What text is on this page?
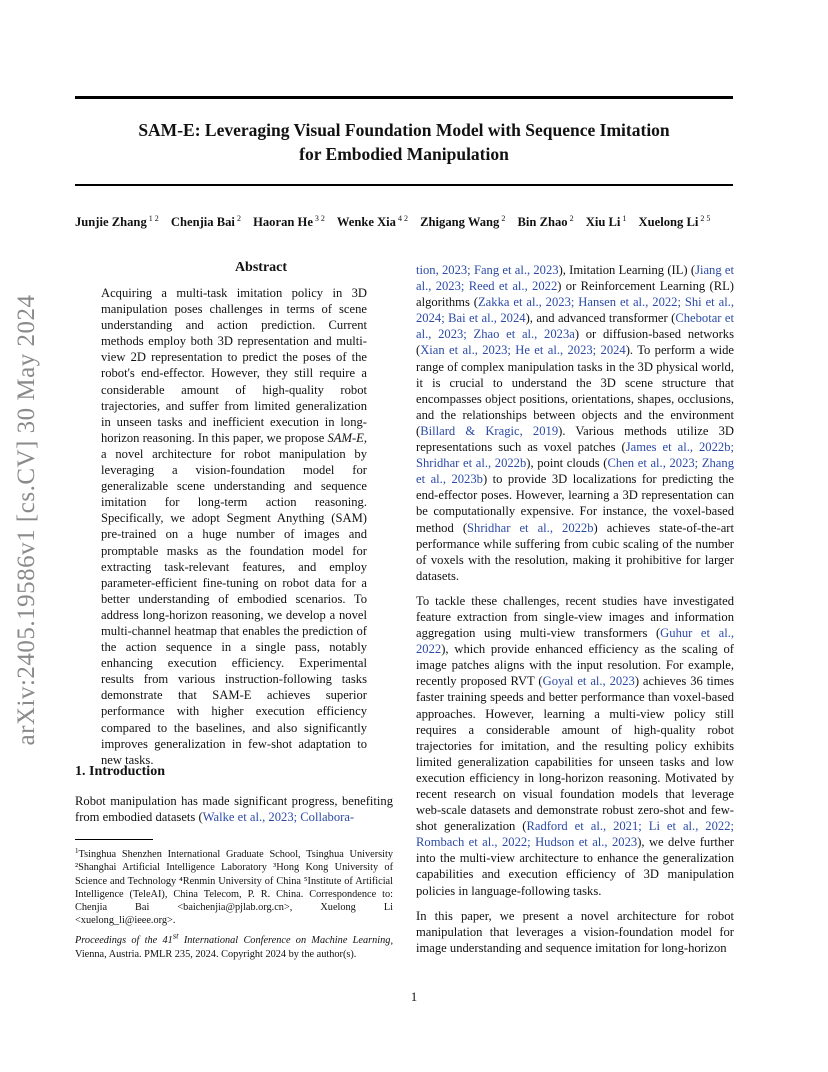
SAM-E: Leveraging Visual Foundation Model with Sequence Imitation
for Embodied Manipulation
Junjie Zhang $^{1 2}$ Chenjia Bai $^2$ Haoran He $^{3 2}$ Wenke Xia $^{4 2}$ Zhigang Wang $^2$ Bin Zhao $^2$ Xiu Li $^1$ Xuelong Li $^{2 5}$
arXiv:2405.19586v1 [cs.CV] 30 May 2024
Abstract

Acquiring a multi-task imitation policy in 3D manipulation poses challenges in terms of scene understanding and action prediction. Current methods employ both 3D representation and multi-view 2D representation to predict the poses of the robot's end-effector. However, they still require a considerable amount of high-quality robot trajectories, and suffer from limited generalization in unseen tasks and inefficient execution in long-horizon reasoning. In this paper, we propose SAM-E, a novel architecture for robot manipulation by leveraging a vision-foundation model for generalizable scene understanding and sequence imitation for long-term action reasoning. Specifically, we adopt Segment Anything (SAM) pre-trained on a huge number of images and promptable masks as the foundation model for extracting task-relevant features, and employ parameter-efficient fine-tuning on robot data for a better understanding of embodied scenarios. To address long-horizon reasoning, we develop a novel multi-channel heatmap that enables the prediction of the action sequence in a single pass, notably enhancing execution efficiency. Experimental results from various instruction-following tasks demonstrate that SAM-E achieves superior performance with higher execution efficiency compared to the baselines, and also significantly improves generalization in few-shot adaptation to new tasks.

1. Introduction

Robot manipulation has made significant progress, benefiting from embodied datasets (Walke et al., 2023; Collabora-

$^1$Tsinghua Shenzhen International Graduate School, Tsinghua University ²Shanghai Artificial Intelligence Laboratory ³Hong Kong University of Science and Technology ⁴Renmin University of China ⁵Institute of Artificial Intelligence (TeleAI), China Telecom, P. R. China. Correspondence to: Chenjia Bai <baichenjia@pjlab.org.cn>, Xuelong Li <xuelong_li@ieee.org>.
Proceedings of the 41st International Conference on Machine Learning, Vienna, Austria. PMLR 235, 2024. Copyright 2024 by the author(s).

tion, 2023; Fang et al., 2023), Imitation Learning (IL) (Jiang et al., 2023; Reed et al., 2022) or Reinforcement Learning (RL) algorithms (Zakka et al., 2023; Hansen et al., 2022; Shi et al., 2024; Bai et al., 2024), and advanced transformer (Chebotar et al., 2023; Zhao et al., 2023a) or diffusion-based networks (Xian et al., 2023; He et al., 2023; 2024). To perform a wide range of complex manipulation tasks in the 3D physical world, it is crucial to understand the 3D scene structure that encompasses object positions, orientations, shapes, occlusions, and the relationships between objects and the environment (Billard & Kragic, 2019). Various methods utilize 3D representations such as voxel patches (James et al., 2022b; Shridhar et al., 2022b), point clouds (Chen et al., 2023; Zhang et al., 2023b) to provide 3D localizations for predicting the end-effector poses. However, learning a 3D representation can be computationally expensive. For instance, the voxel-based method (Shridhar et al., 2022b) achieves state-of-the-art performance while suffering from cubic scaling of the number of voxels with the resolution, making it prohibitive for larger datasets.

To tackle these challenges, recent studies have investigated feature extraction from single-view images and information aggregation using multi-view transformers (Guhur et al., 2022), which provide enhanced efficiency as the scaling of image patches aligns with the input resolution. For example, recently proposed RVT (Goyal et al., 2023) achieves 36 times faster training speeds and better performance than voxel-based approaches. However, learning a multi-view policy still requires a considerable amount of high-quality robot trajectories for imitation, and the resulting policy exhibits limited generalization capabilities for unseen tasks and low execution efficiency in long-horizon reasoning. Motivated by recent research on visual foundation models that leverage web-scale datasets and demonstrate robust zero-shot and few-shot generalization (Radford et al., 2021; Li et al., 2022; Rombach et al., 2022; Hudson et al., 2023), we delve further into the multi-view architecture to enhance the generalization capabilities and execution efficiency of 3D manipulation policies in language-following tasks.

In this paper, we present a novel architecture for robot manipulation that leverages a vision-foundation model for image understanding and sequence imitation for long-horizon

1
